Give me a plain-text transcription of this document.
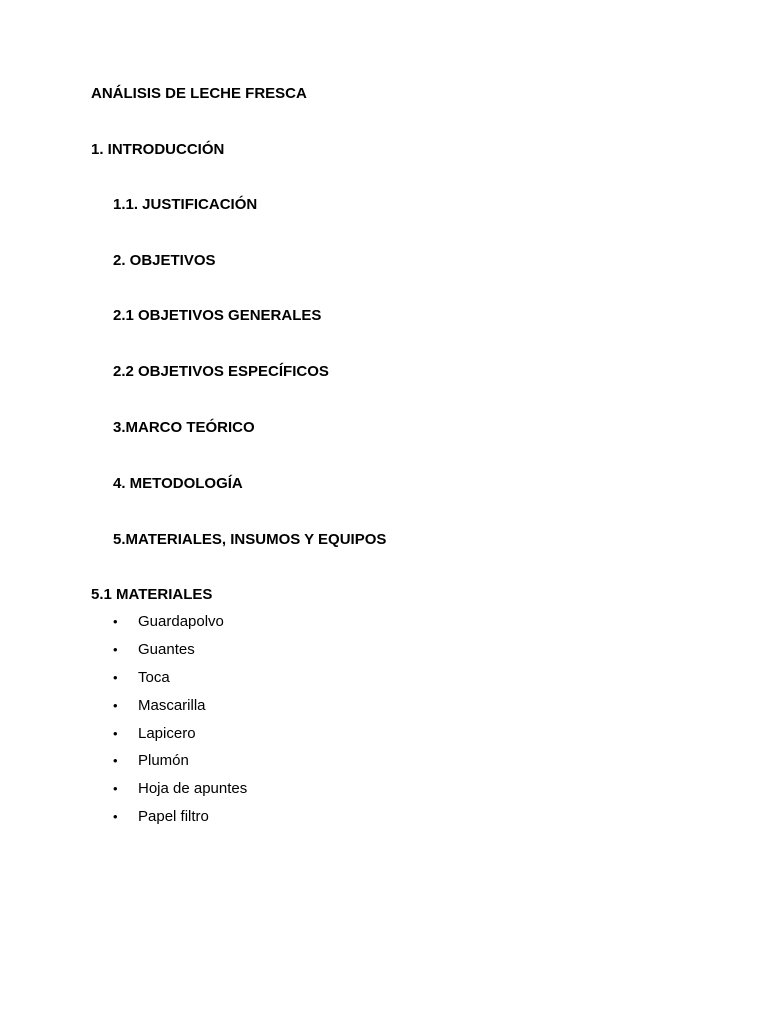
ANÁLISIS DE LECHE FRESCA
1. INTRODUCCIÓN
1.1. JUSTIFICACIÓN
2. OBJETIVOS
2.1 OBJETIVOS GENERALES
2.2 OBJETIVOS ESPECÍFICOS
3.MARCO TEÓRICO
4. METODOLOGÍA
5.MATERIALES, INSUMOS Y EQUIPOS
5.1 MATERIALES
•	Guardapolvo
•	Guantes
•	Toca
•	Mascarilla
•	Lapicero
•	Plumón
•	Hoja de apuntes
•	Papel filtro
